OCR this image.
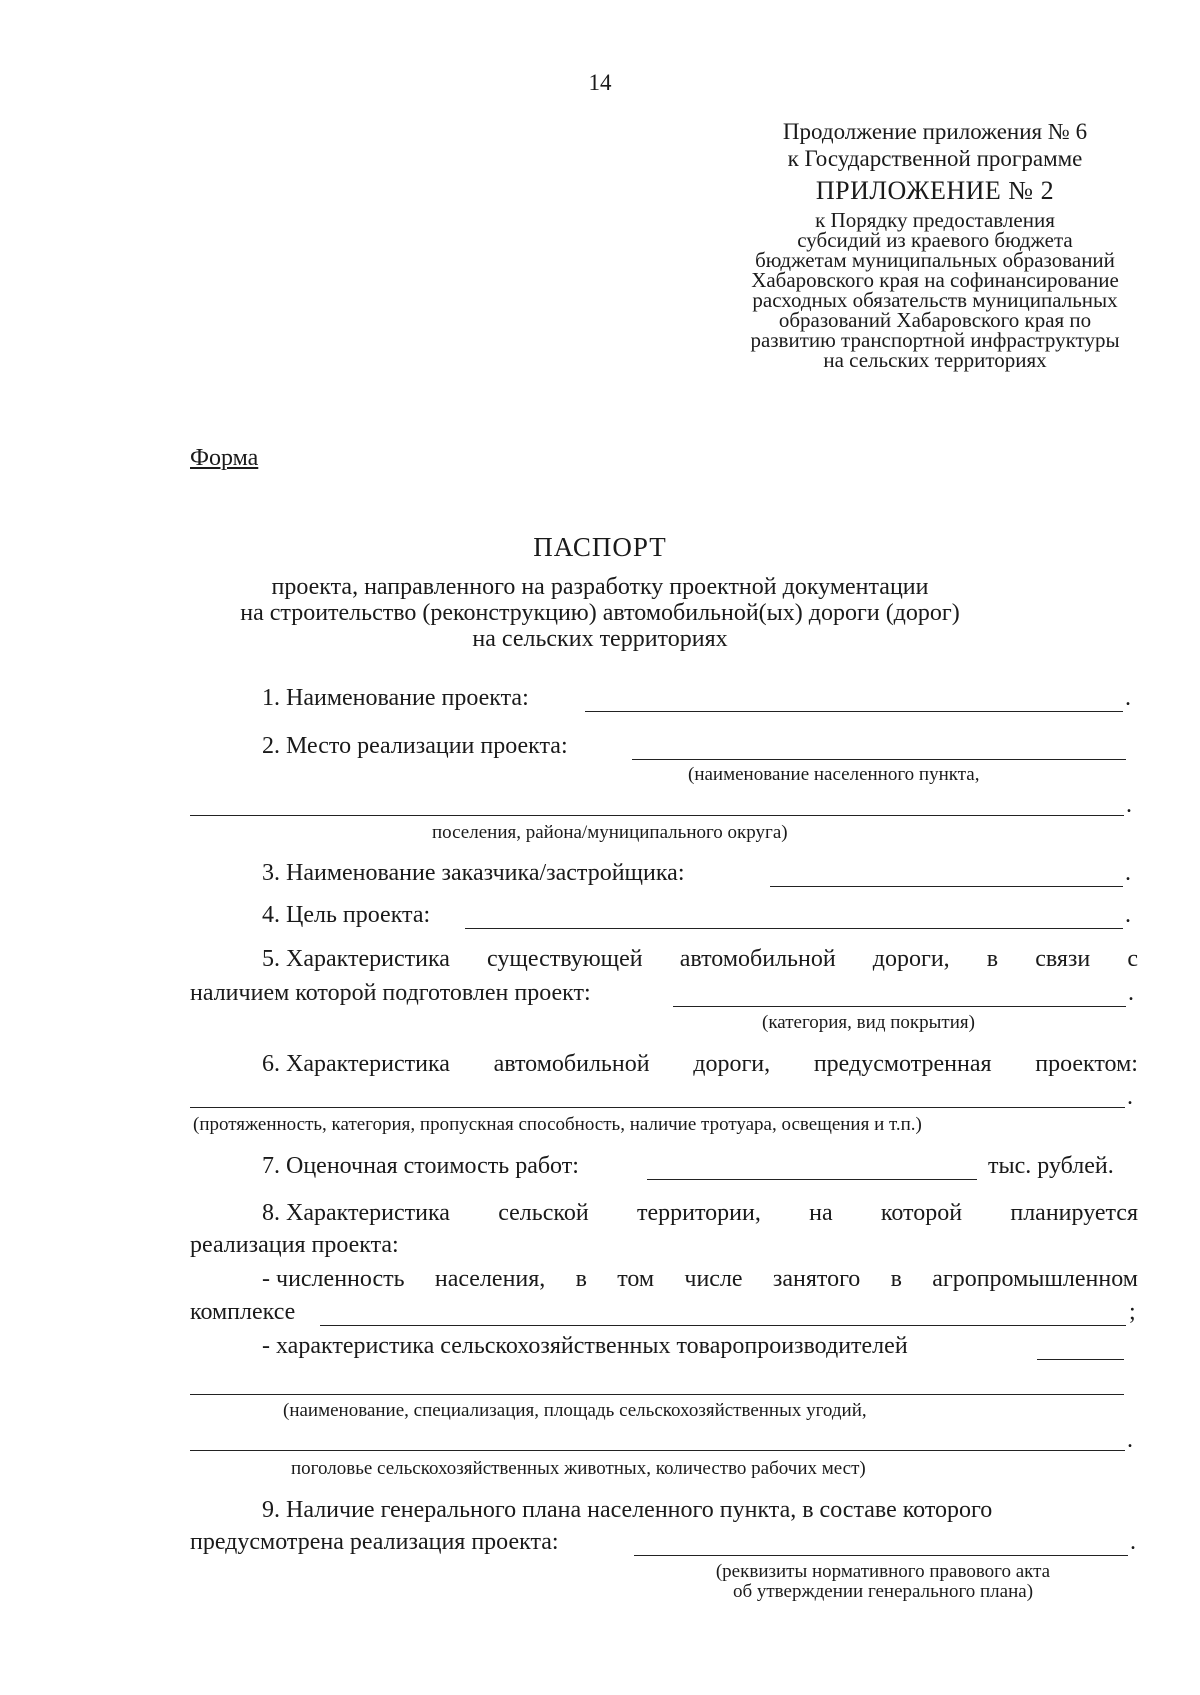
14
Продолжение приложения № 6
к Государственной программе
ПРИЛОЖЕНИЕ № 2
к Порядку предоставления
субсидий из краевого бюджета
бюджетам муниципальных образований
Хабаровского края на софинансирование
расходных обязательств муниципальных
образований Хабаровского края по
развитию транспортной инфраструктуры
на сельских территориях
Форма
ПАСПОРТ
проекта, направленного на разработку проектной документации
на строительство (реконструкцию) автомобильной(ых) дороги (дорог)
на сельских территориях
1. Наименование проекта:	.
2. Место реализации проекта:
(наименование населенного пункта,
.
поселения, района/муниципального округа)
3. Наименование заказчика/застройщика:	.
4. Цель проекта:	.
5. Характеристика существующей автомобильной дороги, в связи с
наличием которой подготовлен проект:	.
(категория, вид покрытия)
6. Характеристика автомобильной дороги, предусмотренная проектом:
.
(протяженность, категория, пропускная способность, наличие тротуара, освещения и т.п.)
7. Оценочная стоимость работ:	тыс. рублей.
8. Характеристика сельской территории, на которой планируется
реализация проекта:
- численность населения, в том числе занятого в агропромышленном
комплексе	;
- характеристика сельскохозяйственных товаропроизводителей
(наименование, специализация, площадь сельскохозяйственных угодий,
.
поголовье сельскохозяйственных животных, количество рабочих мест)
9. Наличие генерального плана населенного пункта, в составе которого
предусмотрена реализация проекта:	.
(реквизиты нормативного правового акта
об утверждении генерального плана)
